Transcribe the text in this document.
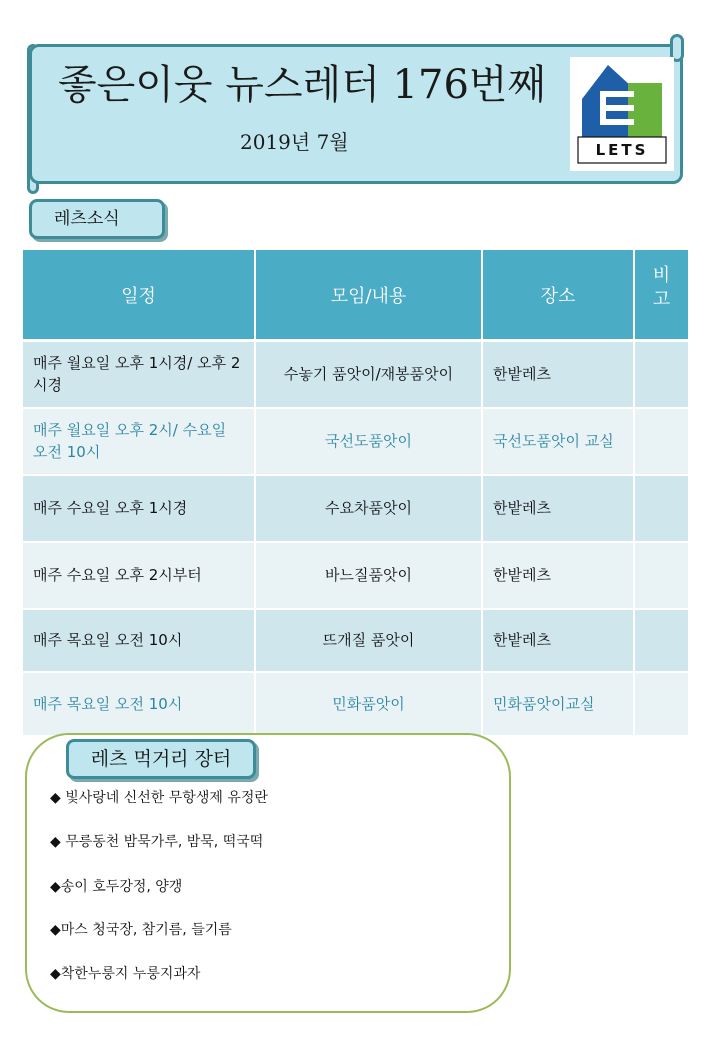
좋은이웃 뉴스레터 176번째
2019년 7월	LETS
레츠소식
일정	모임/내용	장소	비고
매주 월요일 오후 1시경/ 오후 2시경	수놓기 품앗이/재봉품앗이	한밭레츠	
매주 월요일 오후 2시/ 수요일 오전 10시	국선도품앗이	국선도품앗이 교실	
매주 수요일 오후 1시경	수요차품앗이	한밭레츠	
매주 수요일 오후 2시부터	바느질품앗이	한밭레츠	
매주 목요일 오전 10시	뜨개질 품앗이	한밭레츠	
매주 목요일 오전 10시	민화품앗이	민화품앗이교실	
레츠 먹거리 장터
◆ 빛사랑네 신선한 무항생제 유정란
◆ 무릉동천 밤묵가루, 밤묵, 떡국떡
◆송이 호두강정, 양갱
◆마스 청국장, 참기름, 들기름
◆착한누룽지 누룽지과자
